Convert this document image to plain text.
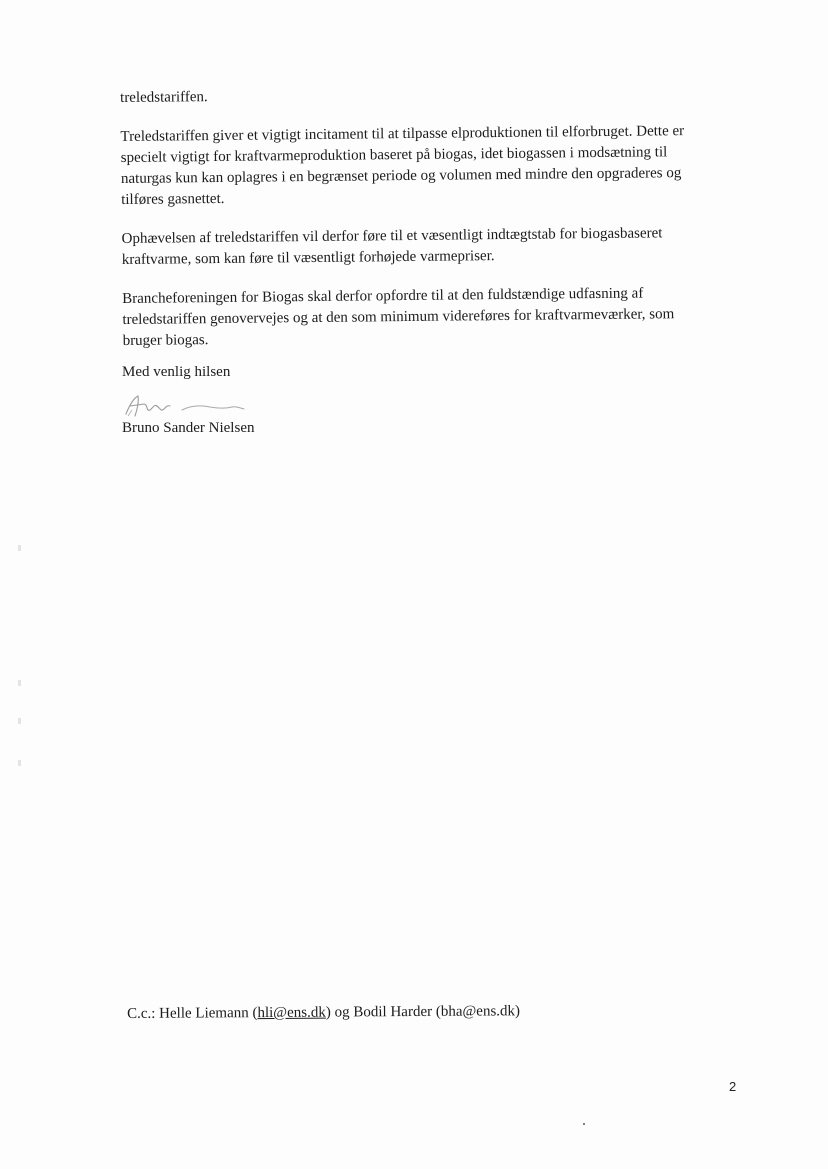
treledstariffen.

Treledstariffen giver et vigtigt incitament til at tilpasse elproduktionen til elforbruget. Dette er
specielt vigtigt for kraftvarmeproduktion baseret på biogas, idet biogassen i modsætning til
naturgas kun kan oplagres i en begrænset periode og volumen med mindre den opgraderes og
tilføres gasnettet.

Ophævelsen af treledstariffen vil derfor føre til et væsentligt indtægtstab for biogasbaseret
kraftvarme, som kan føre til væsentligt forhøjede varmepriser.

Brancheforeningen for Biogas skal derfor opfordre til at den fuldstændige udfasning af
treledstariffen genovervejes og at den som minimum videreføres for kraftvarmeværker, som
bruger biogas.

Med venlig hilsen
Bruno Sander Nielsen
C.c.: Helle Liemann (hli@ens.dk) og Bodil Harder (bha@ens.dk)
2
